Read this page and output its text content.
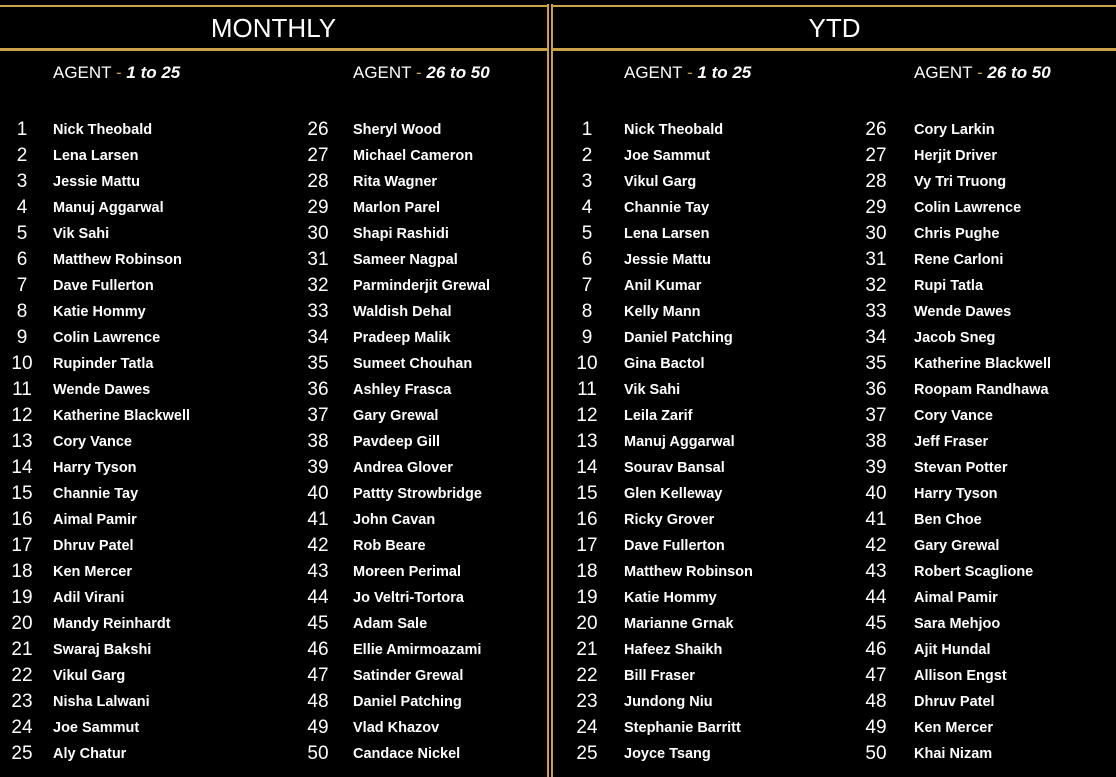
MONTHLY
AGENT - 1 to 25	AGENT - 26 to 50
1	Nick Theobald
2	Lena Larsen
3	Jessie Mattu
4	Manuj Aggarwal
5	Vik Sahi
6	Matthew Robinson
7	Dave Fullerton
8	Katie Hommy
9	Colin Lawrence
10	Rupinder Tatla
11	Wende Dawes
12	Katherine Blackwell
13	Cory Vance
14	Harry Tyson
15	Channie Tay
16	Aimal Pamir
17	Dhruv Patel
18	Ken Mercer
19	Adil Virani
20	Mandy Reinhardt
21	Swaraj Bakshi
22	Vikul Garg
23	Nisha Lalwani
24	Joe Sammut
25	Aly Chatur
26	Sheryl Wood
27	Michael Cameron
28	Rita Wagner
29	Marlon Parel
30	Shapi Rashidi
31	Sameer Nagpal
32	Parminderjit Grewal
33	Waldish Dehal
34	Pradeep Malik
35	Sumeet Chouhan
36	Ashley Frasca
37	Gary Grewal
38	Pavdeep Gill
39	Andrea Glover
40	Pattty Strowbridge
41	John Cavan
42	Rob Beare
43	Moreen Perimal
44	Jo Veltri-Tortora
45	Adam Sale
46	Ellie Amirmoazami
47	Satinder Grewal
48	Daniel Patching
49	Vlad Khazov
50	Candace Nickel
YTD
AGENT - 1 to 25	AGENT - 26 to 50
1	Nick Theobald
2	Joe Sammut
3	Vikul Garg
4	Channie Tay
5	Lena Larsen
6	Jessie Mattu
7	Anil Kumar
8	Kelly Mann
9	Daniel Patching
10	Gina Bactol
11	Vik Sahi
12	Leila Zarif
13	Manuj Aggarwal
14	Sourav Bansal
15	Glen Kelleway
16	Ricky Grover
17	Dave Fullerton
18	Matthew Robinson
19	Katie Hommy
20	Marianne Grnak
21	Hafeez Shaikh
22	Bill Fraser
23	Jundong Niu
24	Stephanie Barritt
25	Joyce Tsang
26	Cory Larkin
27	Herjit Driver
28	Vy Tri Truong
29	Colin Lawrence
30	Chris Pughe
31	Rene Carloni
32	Rupi Tatla
33	Wende Dawes
34	Jacob Sneg
35	Katherine Blackwell
36	Roopam Randhawa
37	Cory Vance
38	Jeff Fraser
39	Stevan Potter
40	Harry Tyson
41	Ben Choe
42	Gary Grewal
43	Robert Scaglione
44	Aimal Pamir
45	Sara Mehjoo
46	Ajit Hundal
47	Allison Engst
48	Dhruv Patel
49	Ken Mercer
50	Khai Nizam
